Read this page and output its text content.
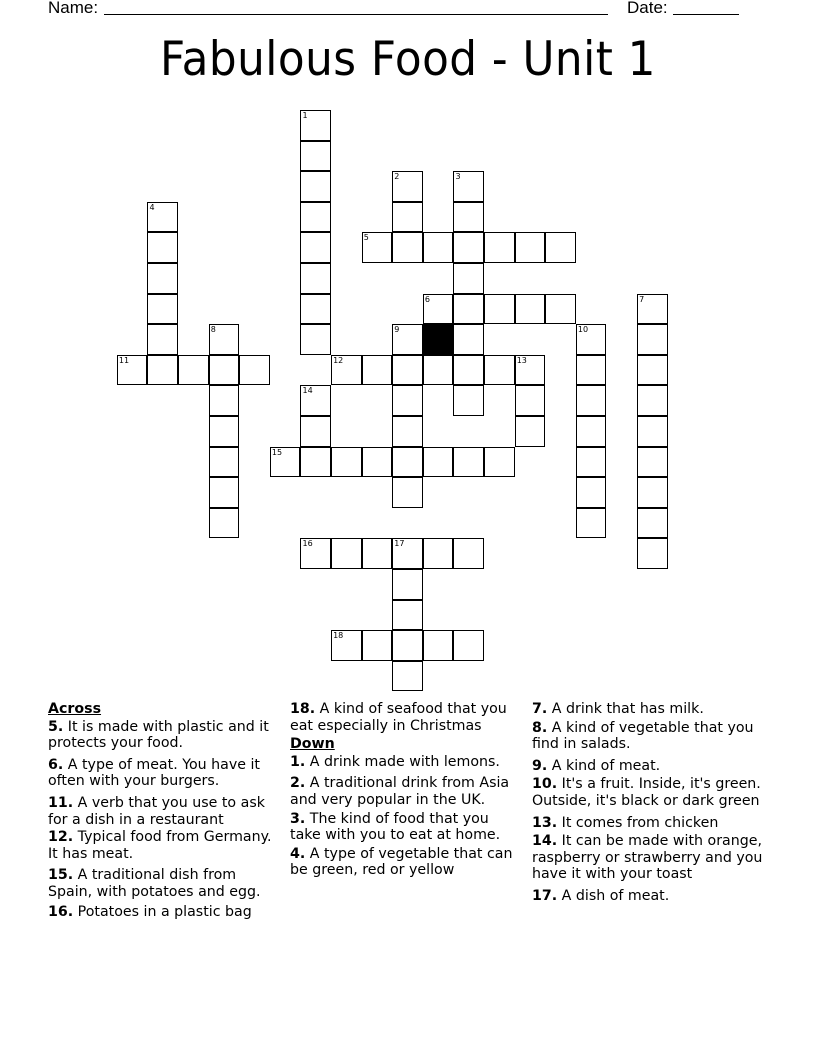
Name:	Date:
Fabulous Food - Unit 1
1
2	3
4
5
6	7
8	9	10
11	12	13
14
15
16	17
18
Across
5. It is made with plastic and it protects your food.
6. A type of meat. You have it often with your burgers.
11. A verb that you use to ask for a dish in a restaurant
12. Typical food from Germany. It has meat.
15. A traditional dish from Spain, with potatoes and egg.
16. Potatoes in a plastic bag
18. A kind of seafood that you eat especially in Christmas
Down
1. A drink made with lemons.
2. A traditional drink from Asia and very popular in the UK.
3. The kind of food that you take with you to eat at home.
4. A type of vegetable that can be green, red or yellow
7. A drink that has milk.
8. A kind of vegetable that you find in salads.
9. A kind of meat.
10. It's a fruit. Inside, it's green. Outside, it's black or dark green
13. It comes from chicken
14. It can be made with orange, raspberry or strawberry and you have it with your toast
17. A dish of meat.
